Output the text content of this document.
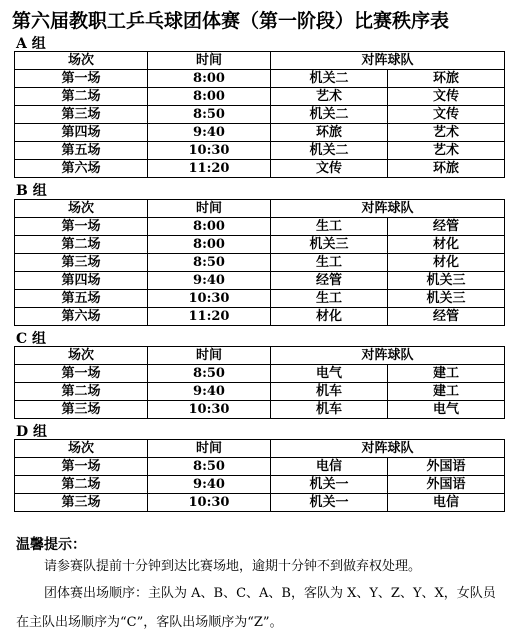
第六届教职工乒乓球团体赛（第一阶段）比赛秩序表
A 组
场次	时间	对阵球队	
第一场	8:00	机关二	环旅
第二场	8:00	艺术	文传
第三场	8:50	机关二	文传
第四场	9:40	环旅	艺术
第五场	10:30	机关二	艺术
第六场	11:20	文传	环旅
B 组
场次	时间	对阵球队	
第一场	8:00	生工	经管
第二场	8:00	机关三	材化
第三场	8:50	生工	材化
第四场	9:40	经管	机关三
第五场	10:30	生工	机关三
第六场	11:20	材化	经管
C 组
场次	时间	对阵球队	
第一场	8:50	电气	建工
第二场	9:40	机车	建工
第三场	10:30	机车	电气
D 组
场次	时间	对阵球队	
第一场	8:50	电信	外国语
第二场	9:40	机关一	外国语
第三场	10:30	机关一	电信
温馨提示：
请参赛队提前十分钟到达比赛场地，逾期十分钟不到做弃权处理。
团体赛出场顺序：主队为 A、B、C、A、B，客队为 X、Y、Z、Y、X，女队员
在主队出场顺序为“C”，客队出场顺序为“Z”。
